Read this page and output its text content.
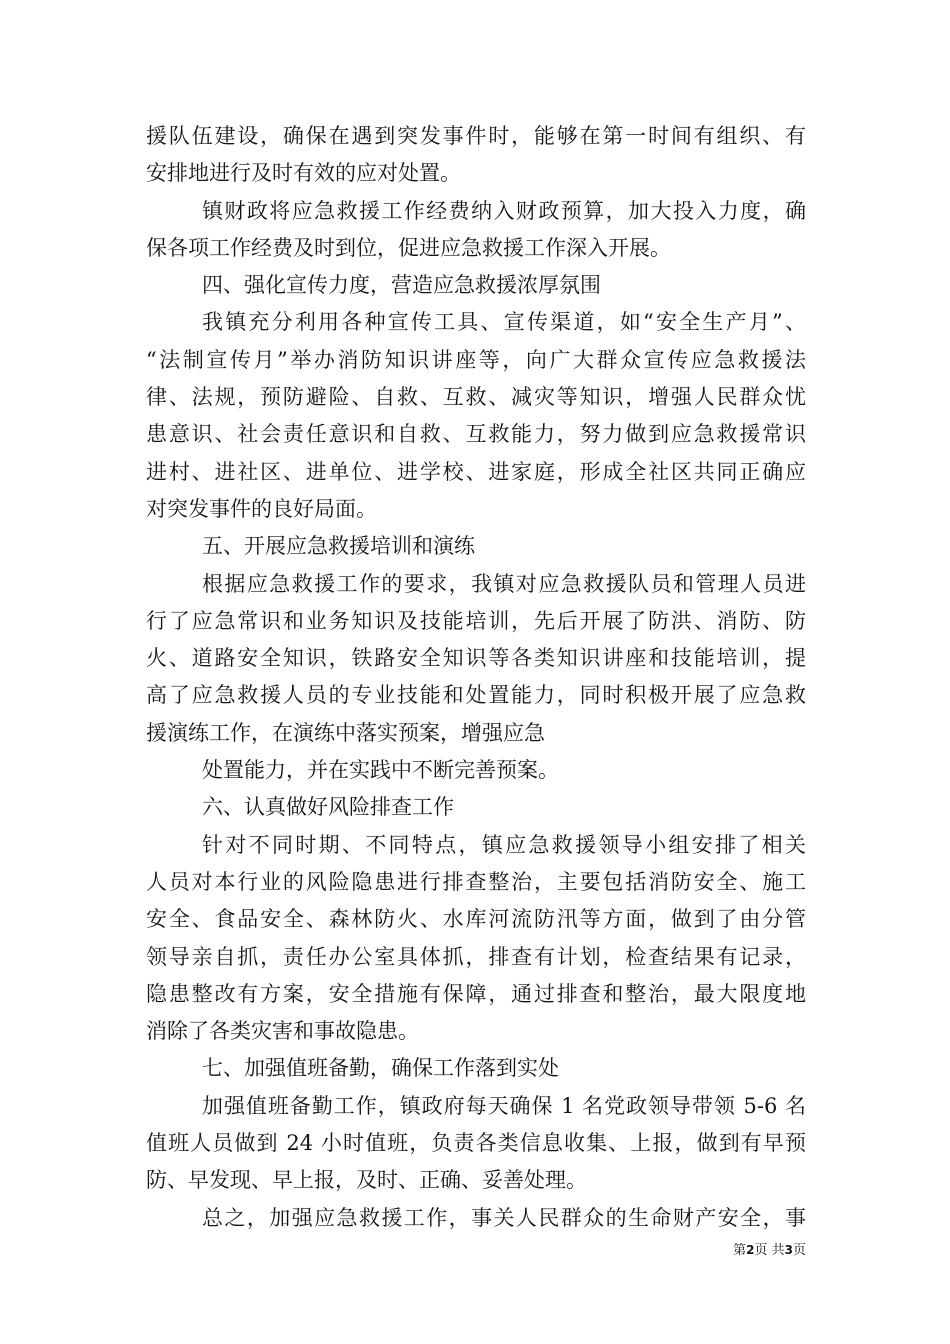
援队伍建设，确保在遇到突发事件时，能够在第一时间有组织、有
安排地进行及时有效的应对处置。
镇财政将应急救援工作经费纳入财政预算，加大投入力度，确
保各项工作经费及时到位，促进应急救援工作深入开展。
四、强化宣传力度，营造应急救援浓厚氛围
我镇充分利用各种宣传工具、宣传渠道，如“安全生产月”、
“法制宣传月”举办消防知识讲座等，向广大群众宣传应急救援法
律、法规，预防避险、自救、互救、减灾等知识，增强人民群众忧
患意识、社会责任意识和自救、互救能力，努力做到应急救援常识
进村、进社区、进单位、进学校、进家庭，形成全社区共同正确应
对突发事件的良好局面。
五、开展应急救援培训和演练
根据应急救援工作的要求，我镇对应急救援队员和管理人员进
行了应急常识和业务知识及技能培训，先后开展了防洪、消防、防
火、道路安全知识，铁路安全知识等各类知识讲座和技能培训，提
高了应急救援人员的专业技能和处置能力，同时积极开展了应急救
援演练工作，在演练中落实预案，增强应急
处置能力，并在实践中不断完善预案。
六、认真做好风险排查工作
针对不同时期、不同特点，镇应急救援领导小组安排了相关
人员对本行业的风险隐患进行排查整治，主要包括消防安全、施工
安全、食品安全、森林防火、水库河流防汛等方面，做到了由分管
领导亲自抓，责任办公室具体抓，排查有计划，检查结果有记录，
隐患整改有方案，安全措施有保障，通过排查和整治，最大限度地
消除了各类灾害和事故隐患。
七、加强值班备勤，确保工作落到实处
加强值班备勤工作，镇政府每天确保 1 名党政领导带领 5-6 名
值班人员做到 24 小时值班，负责各类信息收集、上报，做到有早预
防、早发现、早上报，及时、正确、妥善处理。
总之，加强应急救援工作，事关人民群众的生命财产安全，事
第2页 共3页
